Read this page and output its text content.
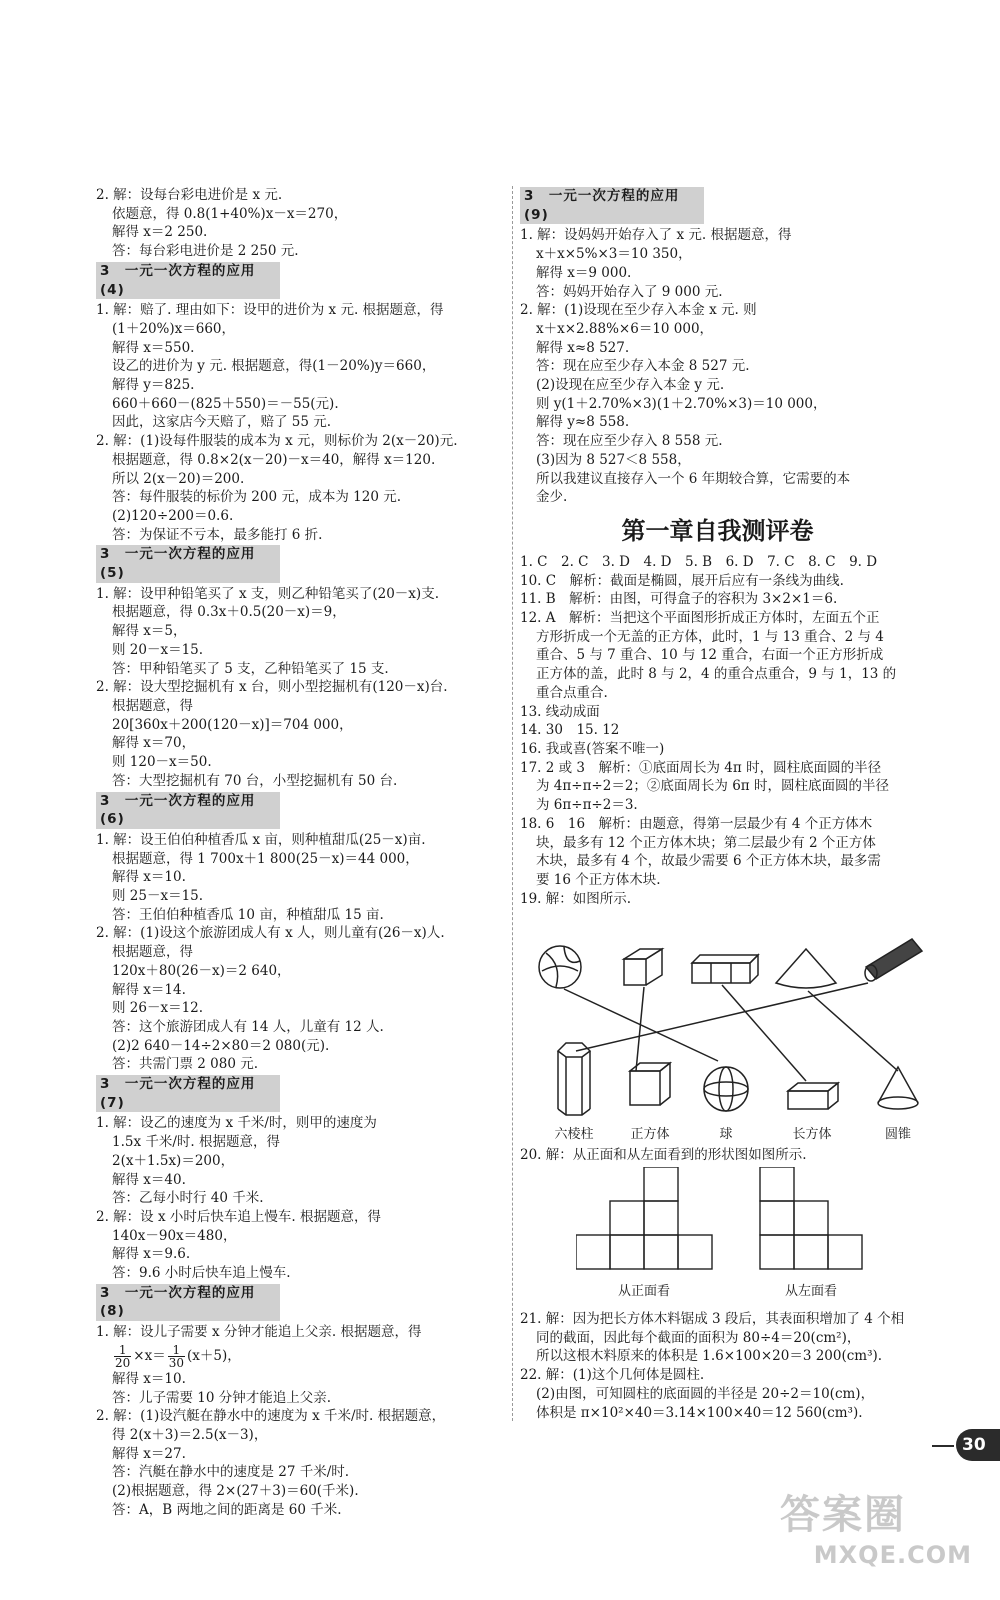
2. 解：设每台彩电进价是 x 元.
依题意，得 0.8(1+40%)x－x＝270，
解得 x＝2 250.
答：每台彩电进价是 2 250 元.
3　一元一次方程的应用(4)
1. 解：赔了. 理由如下：设甲的进价为 x 元. 根据题意，得
(1＋20%)x＝660，
解得 x＝550.
设乙的进价为 y 元. 根据题意，得(1－20%)y＝660，
解得 y＝825.
660＋660－(825＋550)＝－55(元).
因此，这家店今天赔了，赔了 55 元.
2. 解：(1)设每件服装的成本为 x 元，则标价为 2(x－20)元.
根据题意，得 0.8×2(x－20)－x＝40，解得 x＝120.
所以 2(x－20)＝200.
答：每件服装的标价为 200 元，成本为 120 元.
(2)120÷200＝0.6.
答：为保证不亏本，最多能打 6 折.
3　一元一次方程的应用(5)
1. 解：设甲种铅笔买了 x 支，则乙种铅笔买了(20－x)支.
根据题意，得 0.3x＋0.5(20－x)＝9，
解得 x＝5，
则 20－x＝15.
答：甲种铅笔买了 5 支，乙种铅笔买了 15 支.
2. 解：设大型挖掘机有 x 台，则小型挖掘机有(120－x)台.
根据题意，得
20[360x＋200(120－x)]＝704 000，
解得 x＝70，
则 120－x＝50.
答：大型挖掘机有 70 台，小型挖掘机有 50 台.
3　一元一次方程的应用(6)
1. 解：设王伯伯种植香瓜 x 亩，则种植甜瓜(25－x)亩.
根据题意，得 1 700x＋1 800(25－x)＝44 000，
解得 x＝10.
则 25－x＝15.
答：王伯伯种植香瓜 10 亩，种植甜瓜 15 亩.
2. 解：(1)设这个旅游团成人有 x 人，则儿童有(26－x)人.
根据题意，得
120x＋80(26－x)＝2 640，
解得 x＝14.
则 26－x＝12.
答：这个旅游团成人有 14 人，儿童有 12 人.
(2)2 640－14÷2×80＝2 080(元).
答：共需门票 2 080 元.
3　一元一次方程的应用(7)
1. 解：设乙的速度为 x 千米/时，则甲的速度为
1.5x 千米/时. 根据题意，得
2(x＋1.5x)＝200，
解得 x＝40.
答：乙每小时行 40 千米.
2. 解：设 x 小时后快车追上慢车. 根据题意，得
140x－90x＝480，
解得 x＝9.6.
答：9.6 小时后快车追上慢车.
3　一元一次方程的应用(8)
1. 解：设儿子需要 x 分钟才能追上父亲. 根据题意，得
$\frac{1}{20} \times x= \frac{1}{30} (x+5)$，
解得 x＝10.
答：儿子需要 10 分钟才能追上父亲.
2. 解：(1)设汽艇在静水中的速度为 x 千米/时. 根据题意，
得 2(x＋3)＝2.5(x－3)，
解得 x＝27.
答：汽艇在静水中的速度是 27 千米/时.
(2)根据题意，得 2×(27＋3)＝60(千米).
答：A，B 两地之间的距离是 60 千米.
3　一元一次方程的应用(9)
1. 解：设妈妈开始存入了 x 元. 根据题意，得
x＋x×5%×3＝10 350，
解得 x＝9 000.
答：妈妈开始存入了 9 000 元.
2. 解：(1)设现在至少存入本金 x 元. 则
x＋x×2.88%×6＝10 000，
解得 x≈8 527.
答：现在应至少存入本金 8 527 元.
(2)设现在应至少存入本金 y 元.
则 y(1＋2.70%×3)(1＋2.70%×3)＝10 000，
解得 y≈8 558.
答：现在应至少存入 8 558 元.
(3)因为 8 527＜8 558，
所以我建议直接存入一个 6 年期较合算，它需要的本
金少.
第一章自我测评卷
1. C　2. C　3. D　4. D　5. B　6. D　7. C　8. C　9. D
10. C　解析：截面是椭圆，展开后应有一条线为曲线.
11. B　解析：由图，可得盒子的容积为 3×2×1＝6.
12. A　解析：当把这个平面图形折成正方体时，左面五个正
方形折成一个无盖的正方体，此时，1 与 13 重合、2 与 4
重合、5 与 7 重合、10 与 12 重合，右面一个正方形折成
正方体的盖，此时 8 与 2，4 的重合点重合，9 与 1，13 的
重合点重合.
13. 线动成面
14. 30　15. 12
16. 我或喜(答案不唯一)
17. 2 或 3　解析：①底面周长为 4π 时，圆柱底面圆的半径
为 4π÷π÷2＝2；②底面周长为 6π 时，圆柱底面圆的半径
为 6π÷π÷2＝3.
18. 6　16　解析：由题意，得第一层最少有 4 个正方体木
块，最多有 12 个正方体木块；第二层最少有 2 个正方体
木块，最多有 4 个，故最少需要 6 个正方体木块，最多需
要 16 个正方体木块.
19. 解：如图所示.
六棱柱	正方体	球	长方体	圆锥
20. 解：从正面和从左面看到的形状图如图所示.
从正面看	从左面看
21. 解：因为把长方体木料锯成 3 段后，其表面积增加了 4 个相
同的截面，因此每个截面的面积为 80÷4＝20(cm²)，
所以这根木料原来的体积是 1.6×100×20＝3 200(cm³).
22. 解：(1)这个几何体是圆柱.
(2)由图，可知圆柱的底面圆的半径是 20÷2＝10(cm)，
体积是 π×10²×40＝3.14×100×40＝12 560(cm³).
30
答案圈
MXQE.COM
